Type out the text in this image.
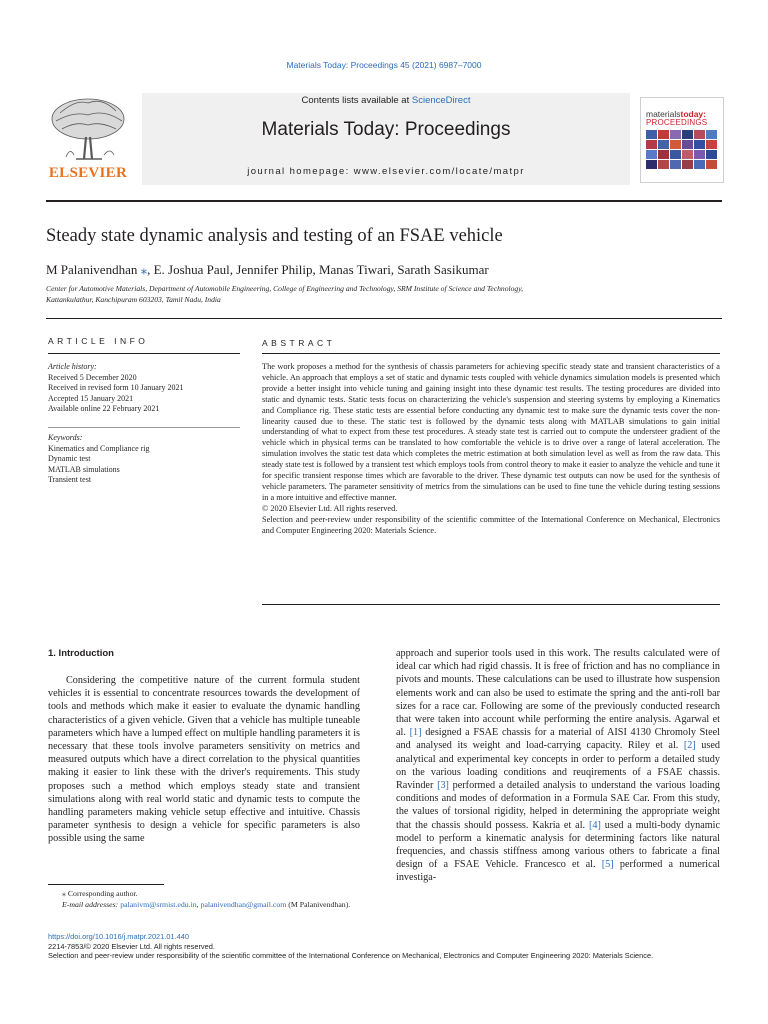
Materials Today: Proceedings 45 (2021) 6987–7000
ELSEVIER
Contents lists available at ScienceDirect
Materials Today: Proceedings
journal homepage: www.elsevier.com/locate/matpr
materialstoday:
PROCEEDINGS
Steady state dynamic analysis and testing of an FSAE vehicle
M Palanivendhan ⁎, E. Joshua Paul, Jennifer Philip, Manas Tiwari, Sarath Sasikumar
Center for Automotive Materials, Department of Automobile Engineering, College of Engineering and Technology, SRM Institute of Science and Technology,
Kattankulathur, Kanchipuram 603203, Tamil Nadu, India
ARTICLE INFO
Article history:
Received 5 December 2020
Received in revised form 10 January 2021
Accepted 15 January 2021
Available online 22 February 2021
Keywords:
Kinematics and Compliance rig
Dynamic test
MATLAB simulations
Transient test
ABSTRACT

The work proposes a method for the synthesis of chassis parameters for achieving specific steady state and transient characteristics of a vehicle. An approach that employs a set of static and dynamic tests coupled with vehicle dynamics simulation models is presented which provide a better insight into vehicle tuning and gaining insight into these dynamic test results. The testing procedures are divided into static and dynamic tests. Static tests focus on characterizing the vehicle's suspension and steering systems by employing a Kinematics and Compliance rig. These static tests are essential before conducting any dynamic test to make sure the dynamic tests cover the non-linearity caused due to these. The static test is followed by the dynamic tests along with MATLAB simulations to gain initial understanding of what to expect from these test procedures. A steady state test is carried out to compute the understeer gradient of the vehicle which in physical terms can be translated to how comfortable the vehicle is to drive over a range of lateral acceleration. The simulation involves the static test data which completes the metric estimation at both simulation level as well as from the raw data. This steady state test is followed by a transient test which employs tools from control theory to make it easier to analyze the vehicle and tune it for specific transient response times which are favorable to the driver. These dynamic test outputs can now be used for the synthesis of vehicle parameters. The parameter sensitivity of metrics from the simulations can be used to fine tune the vehicle during testing sessions in a more intuitive and effective manner.

© 2020 Elsevier Ltd. All rights reserved.

Selection and peer-review under responsibility of the scientific committee of the International Conference on Mechanical, Electronics and Computer Engineering 2020: Materials Science.

1. Introduction

Considering the competitive nature of the current formula student vehicles it is essential to concentrate resources towards the development of tools and methods which make it easier to evaluate the dynamic handling characteristics of a given vehicle. Given that a vehicle has multiple tuneable parameters which have a lumped effect on multiple handling parameters it is necessary that these tools involve parameters sensitivity on metrics and measured outputs which have a direct correlation to the physical quantities making it easier to link these with the driver's requirements. This study proposes such a method which employs steady state and transient simulations along with real world static and dynamic tests to compute the handling parameters making vehicle setup effective and intuitive. Chassis parameter synthesis to design a vehicle for specific parameters is also possible using the same

approach and superior tools used in this work. The results calculated were of ideal car which had rigid chassis. It is free of friction and has no compliance in pivots and mounts. These calculations can be used to illustrate how suspension elements work and can also be used to estimate the spring and the anti-roll bar sizes for a race car. Following are some of the previously conducted research that were taken into account while performing the entire analysis. Agarwal et al. [1] designed a FSAE chassis for a material of AISI 4130 Chromoly Steel and analysed its weight and load-carrying capacity. Riley et al. [2] used analytical and experimental key concepts in order to perform a detailed study on the various loading conditions and reuqirements of a FSAE chassis. Ravinder [3] performed a detailed analysis to understand the various loading conditions and modes of deformation in a Formula SAE Car. From this study, the values of torsional rigidity, helped in determining the appropriate weight that the chassis should possess. Kakria et al. [4] used a multi-body dynamic model to perform a kinematic analysis for determining factors like natural frequencies, and chassis stiffness among various others to fabricate a final design of a FSAE Vehicle. Francesco et al. [5] performed a numerical investiga-

⁎ Corresponding author.

E-mail addresses: palanivm@srmist.edu.in, palanivendhan@gmail.com (M Palanivendhan).

https://doi.org/10.1016/j.matpr.2021.01.440

2214-7853/© 2020 Elsevier Ltd. All rights reserved.

Selection and peer-review under responsibility of the scientific committee of the International Conference on Mechanical, Electronics and Computer Engineering 2020: Materials Science.
